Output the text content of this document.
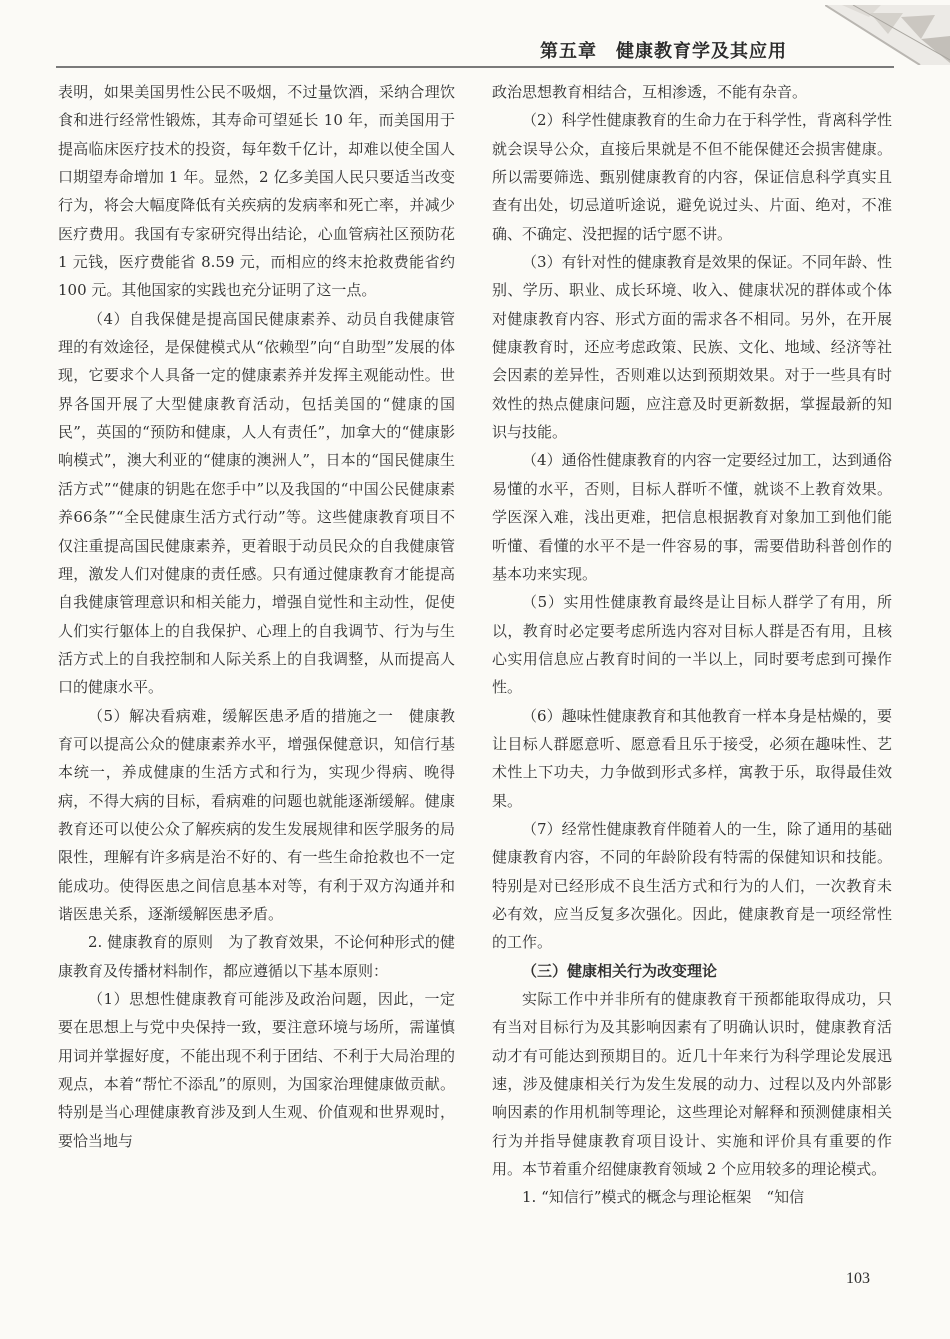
第五章　健康教育学及其应用

表明，如果美国男性公民不吸烟，不过量饮酒，采纳合理饮食和进行经常性锻炼，其寿命可望延长 10 年，而美国用于提高临床医疗技术的投资，每年数千亿计，却难以使全国人口期望寿命增加 1 年。显然，2 亿多美国人民只要适当改变行为，将会大幅度降低有关疾病的发病率和死亡率，并减少医疗费用。我国有专家研究得出结论，心血管病社区预防花 1 元钱，医疗费能省 8.59 元，而相应的终末抢救费能省约 100 元。其他国家的实践也充分证明了这一点。

（4）自我保健是提高国民健康素养、动员自我健康管理的有效途径，是保健模式从“依赖型”向“自助型”发展的体现，它要求个人具备一定的健康素养并发挥主观能动性。世界各国开展了大型健康教育活动，包括美国的“健康的国民”，英国的“预防和健康，人人有责任”，加拿大的“健康影响模式”，澳大利亚的“健康的澳洲人”，日本的“国民健康生活方式”“健康的钥匙在您手中”以及我国的“中国公民健康素养66条”“全民健康生活方式行动”等。这些健康教育项目不仅注重提高国民健康素养，更着眼于动员民众的自我健康管理，激发人们对健康的责任感。只有通过健康教育才能提高自我健康管理意识和相关能力，增强自觉性和主动性，促使人们实行躯体上的自我保护、心理上的自我调节、行为与生活方式上的自我控制和人际关系上的自我调整，从而提高人口的健康水平。

（5）解决看病难，缓解医患矛盾的措施之一　健康教育可以提高公众的健康素养水平，增强保健意识，知信行基本统一，养成健康的生活方式和行为，实现少得病、晚得病，不得大病的目标，看病难的问题也就能逐渐缓解。健康教育还可以使公众了解疾病的发生发展规律和医学服务的局限性，理解有许多病是治不好的、有一些生命抢救也不一定能成功。使得医患之间信息基本对等，有利于双方沟通并和谐医患关系，逐渐缓解医患矛盾。

2. 健康教育的原则　为了教育效果，不论何种形式的健康教育及传播材料制作，都应遵循以下基本原则：

（1）思想性健康教育可能涉及政治问题，因此，一定要在思想上与党中央保持一致，要注意环境与场所，需谨慎用词并掌握好度，不能出现不利于团结、不利于大局治理的观点，本着“帮忙不添乱”的原则，为国家治理健康做贡献。特别是当心理健康教育涉及到人生观、价值观和世界观时，要恰当地与

政治思想教育相结合，互相渗透，不能有杂音。

（2）科学性健康教育的生命力在于科学性，背离科学性就会误导公众，直接后果就是不但不能保健还会损害健康。所以需要筛选、甄别健康教育的内容，保证信息科学真实且查有出处，切忌道听途说，避免说过头、片面、绝对，不准确、不确定、没把握的话宁愿不讲。

（3）有针对性的健康教育是效果的保证。不同年龄、性别、学历、职业、成长环境、收入、健康状况的群体或个体对健康教育内容、形式方面的需求各不相同。另外，在开展健康教育时，还应考虑政策、民族、文化、地域、经济等社会因素的差异性，否则难以达到预期效果。对于一些具有时效性的热点健康问题，应注意及时更新数据，掌握最新的知识与技能。

（4）通俗性健康教育的内容一定要经过加工，达到通俗易懂的水平，否则，目标人群听不懂，就谈不上教育效果。学医深入难，浅出更难，把信息根据教育对象加工到他们能听懂、看懂的水平不是一件容易的事，需要借助科普创作的基本功来实现。

（5）实用性健康教育最终是让目标人群学了有用，所以，教育时必定要考虑所选内容对目标人群是否有用，且核心实用信息应占教育时间的一半以上，同时要考虑到可操作性。

（6）趣味性健康教育和其他教育一样本身是枯燥的，要让目标人群愿意听、愿意看且乐于接受，必须在趣味性、艺术性上下功夫，力争做到形式多样，寓教于乐，取得最佳效果。

（7）经常性健康教育伴随着人的一生，除了通用的基础健康教育内容，不同的年龄阶段有特需的保健知识和技能。特别是对已经形成不良生活方式和行为的人们，一次教育未必有效，应当反复多次强化。因此，健康教育是一项经常性的工作。

（三）健康相关行为改变理论

实际工作中并非所有的健康教育干预都能取得成功，只有当对目标行为及其影响因素有了明确认识时，健康教育活动才有可能达到预期目的。近几十年来行为科学理论发展迅速，涉及健康相关行为发生发展的动力、过程以及内外部影响因素的作用机制等理论，这些理论对解释和预测健康相关行为并指导健康教育项目设计、实施和评价具有重要的作用。本节着重介绍健康教育领域 2 个应用较多的理论模式。

1. “知信行”模式的概念与理论框架　“知信

103
